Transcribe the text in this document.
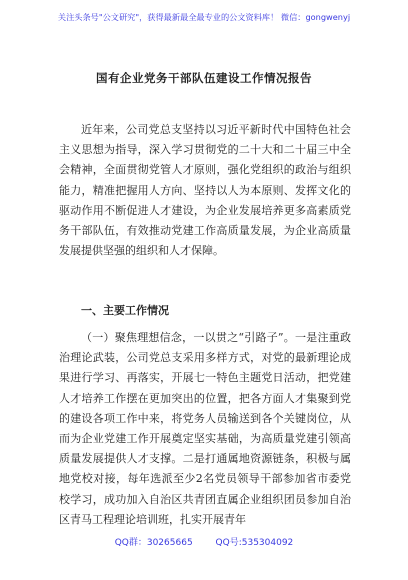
关注头条号"公文研究"，获得最新最全最专业的公文资料库！ 微信：gongwenyj
国有企业党务干部队伍建设工作情况报告

近年来，公司党总支坚持以习近平新时代中国特色社会主义思想为指导，深入学习贯彻党的二十大和二十届三中全会精神，全面贯彻党管人才原则，强化党组织的政治与组织能力，精准把握用人方向、坚持以人为本原则、发挥文化的驱动作用不断促进人才建设，为企业发展培养更多高素质党务干部队伍，有效推动党建工作高质量发展，为企业高质量发展提供坚强的组织和人才保障。

一、主要工作情况

（一）聚焦理想信念，一以贯之“引路子”。一是注重政治理论武装，公司党总支采用多样方式，对党的最新理论成果进行学习、再落实，开展七一特色主题党日活动，把党建人才培养工作摆在更加突出的位置，把各方面人才集聚到党的建设各项工作中来，将党务人员输送到各个关键岗位，从而为企业党建工作开展奠定坚实基础，为高质量党建引领高质量发展提供人才支撑。二是打通属地资源链条，积极与属地党校对接，每年选派至少2名党员领导干部参加省市委党校学习，成功加入自治区共青团直属企业组织团员参加自治区青马工程理论培训班，扎实开展青年

QQ群：30265665	QQ号:535304092
